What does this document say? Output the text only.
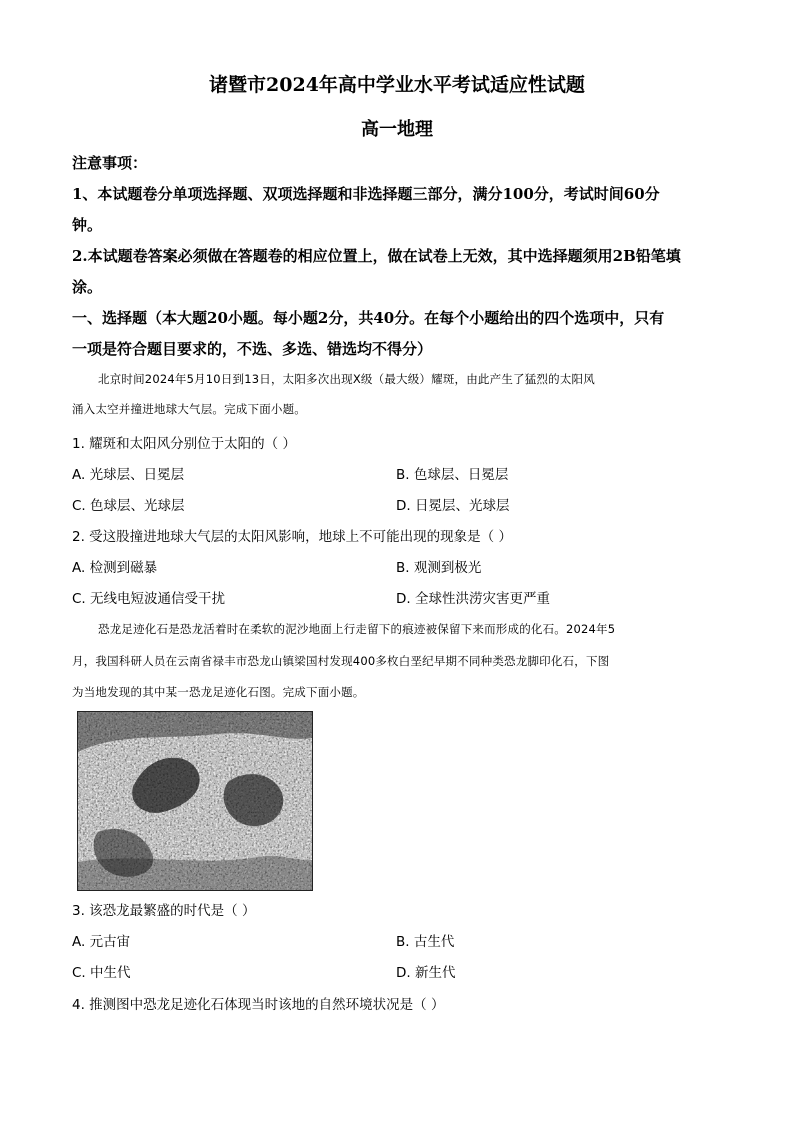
诸暨市2024年高中学业水平考试适应性试题
高一地理
注意事项：
1、本试题卷分单项选择题、双项选择题和非选择题三部分，满分100分，考试时间60分
钟。
2.本试题卷答案必须做在答题卷的相应位置上，做在试卷上无效，其中选择题须用2B铅笔填
涂。
一、选择题（本大题20小题。每小题2分，共40分。在每个小题给出的四个选项中，只有
一项是符合题目要求的，不选、多选、错选均不得分）
北京时间2024年5月10日到13日，太阳多次出现X级（最大级）耀斑，由此产生了猛烈的太阳风
涌入太空并撞进地球大气层。完成下面小题。
1. 耀斑和太阳风分别位于太阳的（ ）
A. 光球层、日冕层	B. 色球层、日冕层
C. 色球层、光球层	D. 日冕层、光球层
2. 受这股撞进地球大气层的太阳风影响，地球上不可能出现的现象是（ ）
A. 检测到磁暴	B. 观测到极光
C. 无线电短波通信受干扰	D. 全球性洪涝灾害更严重
恐龙足迹化石是恐龙活着时在柔软的泥沙地面上行走留下的痕迹被保留下来而形成的化石。2024年5
月，我国科研人员在云南省禄丰市恐龙山镇梁国村发现400多枚白垩纪早期不同种类恐龙脚印化石，下图
为当地发现的其中某一恐龙足迹化石图。完成下面小题。
3. 该恐龙最繁盛的时代是（ ）
A. 元古宙	B. 古生代
C. 中生代	D. 新生代
4. 推测图中恐龙足迹化石体现当时该地的自然环境状况是（ ）
